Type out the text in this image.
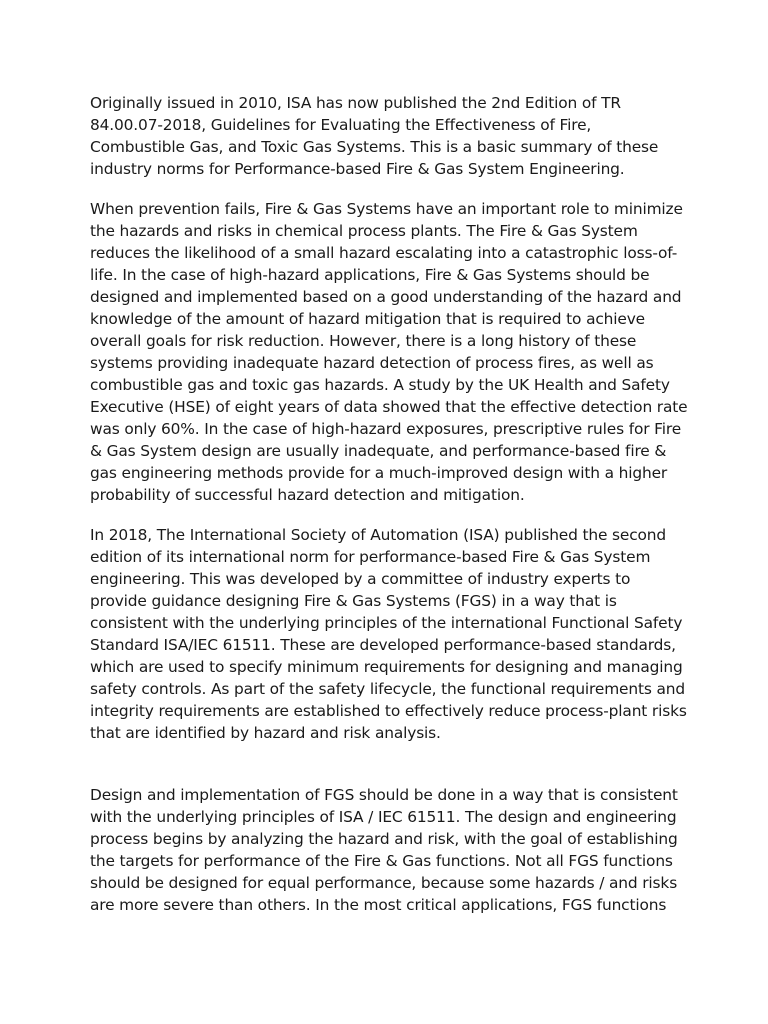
Originally issued in 2010, ISA has now published the 2nd Edition of TR 84.00.07-2018, Guidelines for Evaluating the Effectiveness of Fire, Combustible Gas, and Toxic Gas Systems. This is a basic summary of these industry norms for Performance-based Fire & Gas System Engineering.

When prevention fails, Fire & Gas Systems have an important role to minimize the hazards and risks in chemical process plants. The Fire & Gas System reduces the likelihood of a small hazard escalating into a catastrophic loss-of-life. In the case of high-hazard applications, Fire & Gas Systems should be designed and implemented based on a good understanding of the hazard and knowledge of the amount of hazard mitigation that is required to achieve overall goals for risk reduction. However, there is a long history of these systems providing inadequate hazard detection of process fires, as well as combustible gas and toxic gas hazards. A study by the UK Health and Safety Executive (HSE) of eight years of data showed that the effective detection rate was only 60%. In the case of high-hazard exposures, prescriptive rules for Fire & Gas System design are usually inadequate, and performance-based fire & gas engineering methods provide for a much-improved design with a higher probability of successful hazard detection and mitigation.

In 2018, The International Society of Automation (ISA) published the second edition of its international norm for performance-based Fire & Gas System engineering. This was developed by a committee of industry experts to provide guidance designing Fire & Gas Systems (FGS) in a way that is consistent with the underlying principles of the international Functional Safety Standard ISA/IEC 61511. These are developed performance-based standards, which are used to specify minimum requirements for designing and managing safety controls. As part of the safety lifecycle, the functional requirements and integrity requirements are established to effectively reduce process-plant risks that are identified by hazard and risk analysis.

Design and implementation of FGS should be done in a way that is consistent with the underlying principles of ISA / IEC 61511. The design and engineering process begins by analyzing the hazard and risk, with the goal of establishing the targets for performance of the Fire & Gas functions. Not all FGS functions should be designed for equal performance, because some hazards / and risks are more severe than others. In the most critical applications, FGS functions
